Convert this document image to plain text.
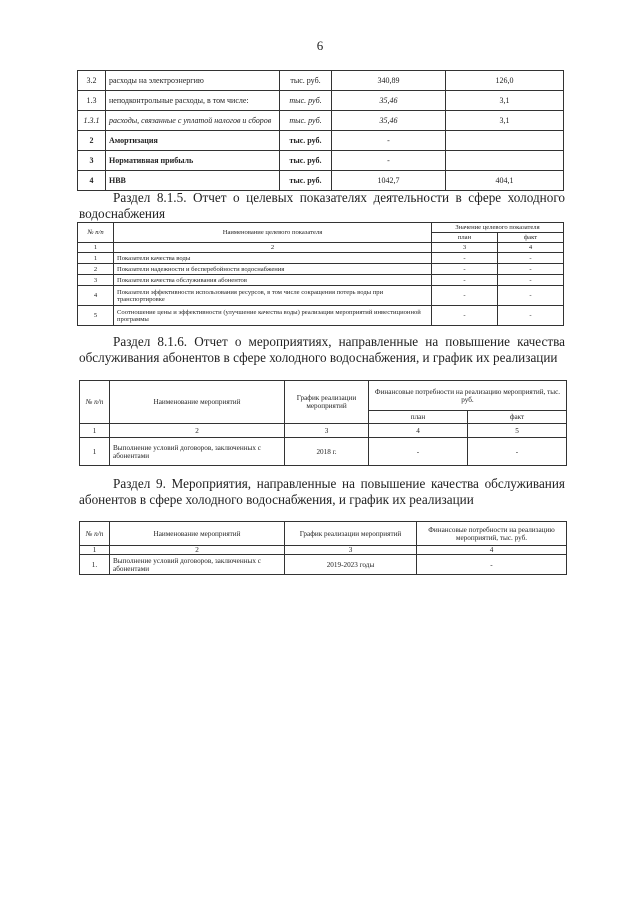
6
3.2	расходы на электроэнергию	тыс. руб.	340,89	126,0
1.3	неподконтрольные расходы, в том числе:	тыс. руб.	35,46	3,1
1.3.1	расходы, связанные с уплатой налогов и сборов	тыс. руб.	35,46	3,1
2	Амортизация	тыс. руб.	-	
3	Нормативная прибыль	тыс. руб.	-	
4	НВВ	тыс. руб.	1042,7	404,1

Раздел 8.1.5. Отчет о целевых показателях деятельности в сфере холодного водоснабжения

№ п/п	Наименование целевого показателя	Значение целевого показателя	
		план	факт
1	2	3	4
1	Показатели качества воды	-	-
2	Показатели надежности и бесперебойности водоснабжения	-	-
3	Показатели качества обслуживания абонентов	-	-
4	Показатели эффективности использования ресурсов, в том числе сокращения потерь воды при транспортировке	-	-
5	Соотношение цены и эффективности (улучшение качества воды) реализации мероприятий инвестиционной программы	-	-

Раздел 8.1.6. Отчет о мероприятиях, направленные на повышение качества обслуживания абонентов в сфере холодного водоснабжения, и график их реализации

№ п/п	Наименование мероприятий	График реализации мероприятий	Финансовые потребности на реализацию мероприятий, тыс. руб.	
			план	факт
1	2	3	4	5
1	Выполнение условий договоров, заключенных с абонентами	2018 г.	-	-

Раздел 9. Мероприятия, направленные на повышение качества обслуживания абонентов в сфере холодного водоснабжения, и график их реализации

№ п/п	Наименование мероприятий	График реализации мероприятий	Финансовые потребности на реализацию мероприятий, тыс. руб.
1	2	3	4
1.	Выполнение условий договоров, заключенных с абонентами	2019-2023 годы	-
